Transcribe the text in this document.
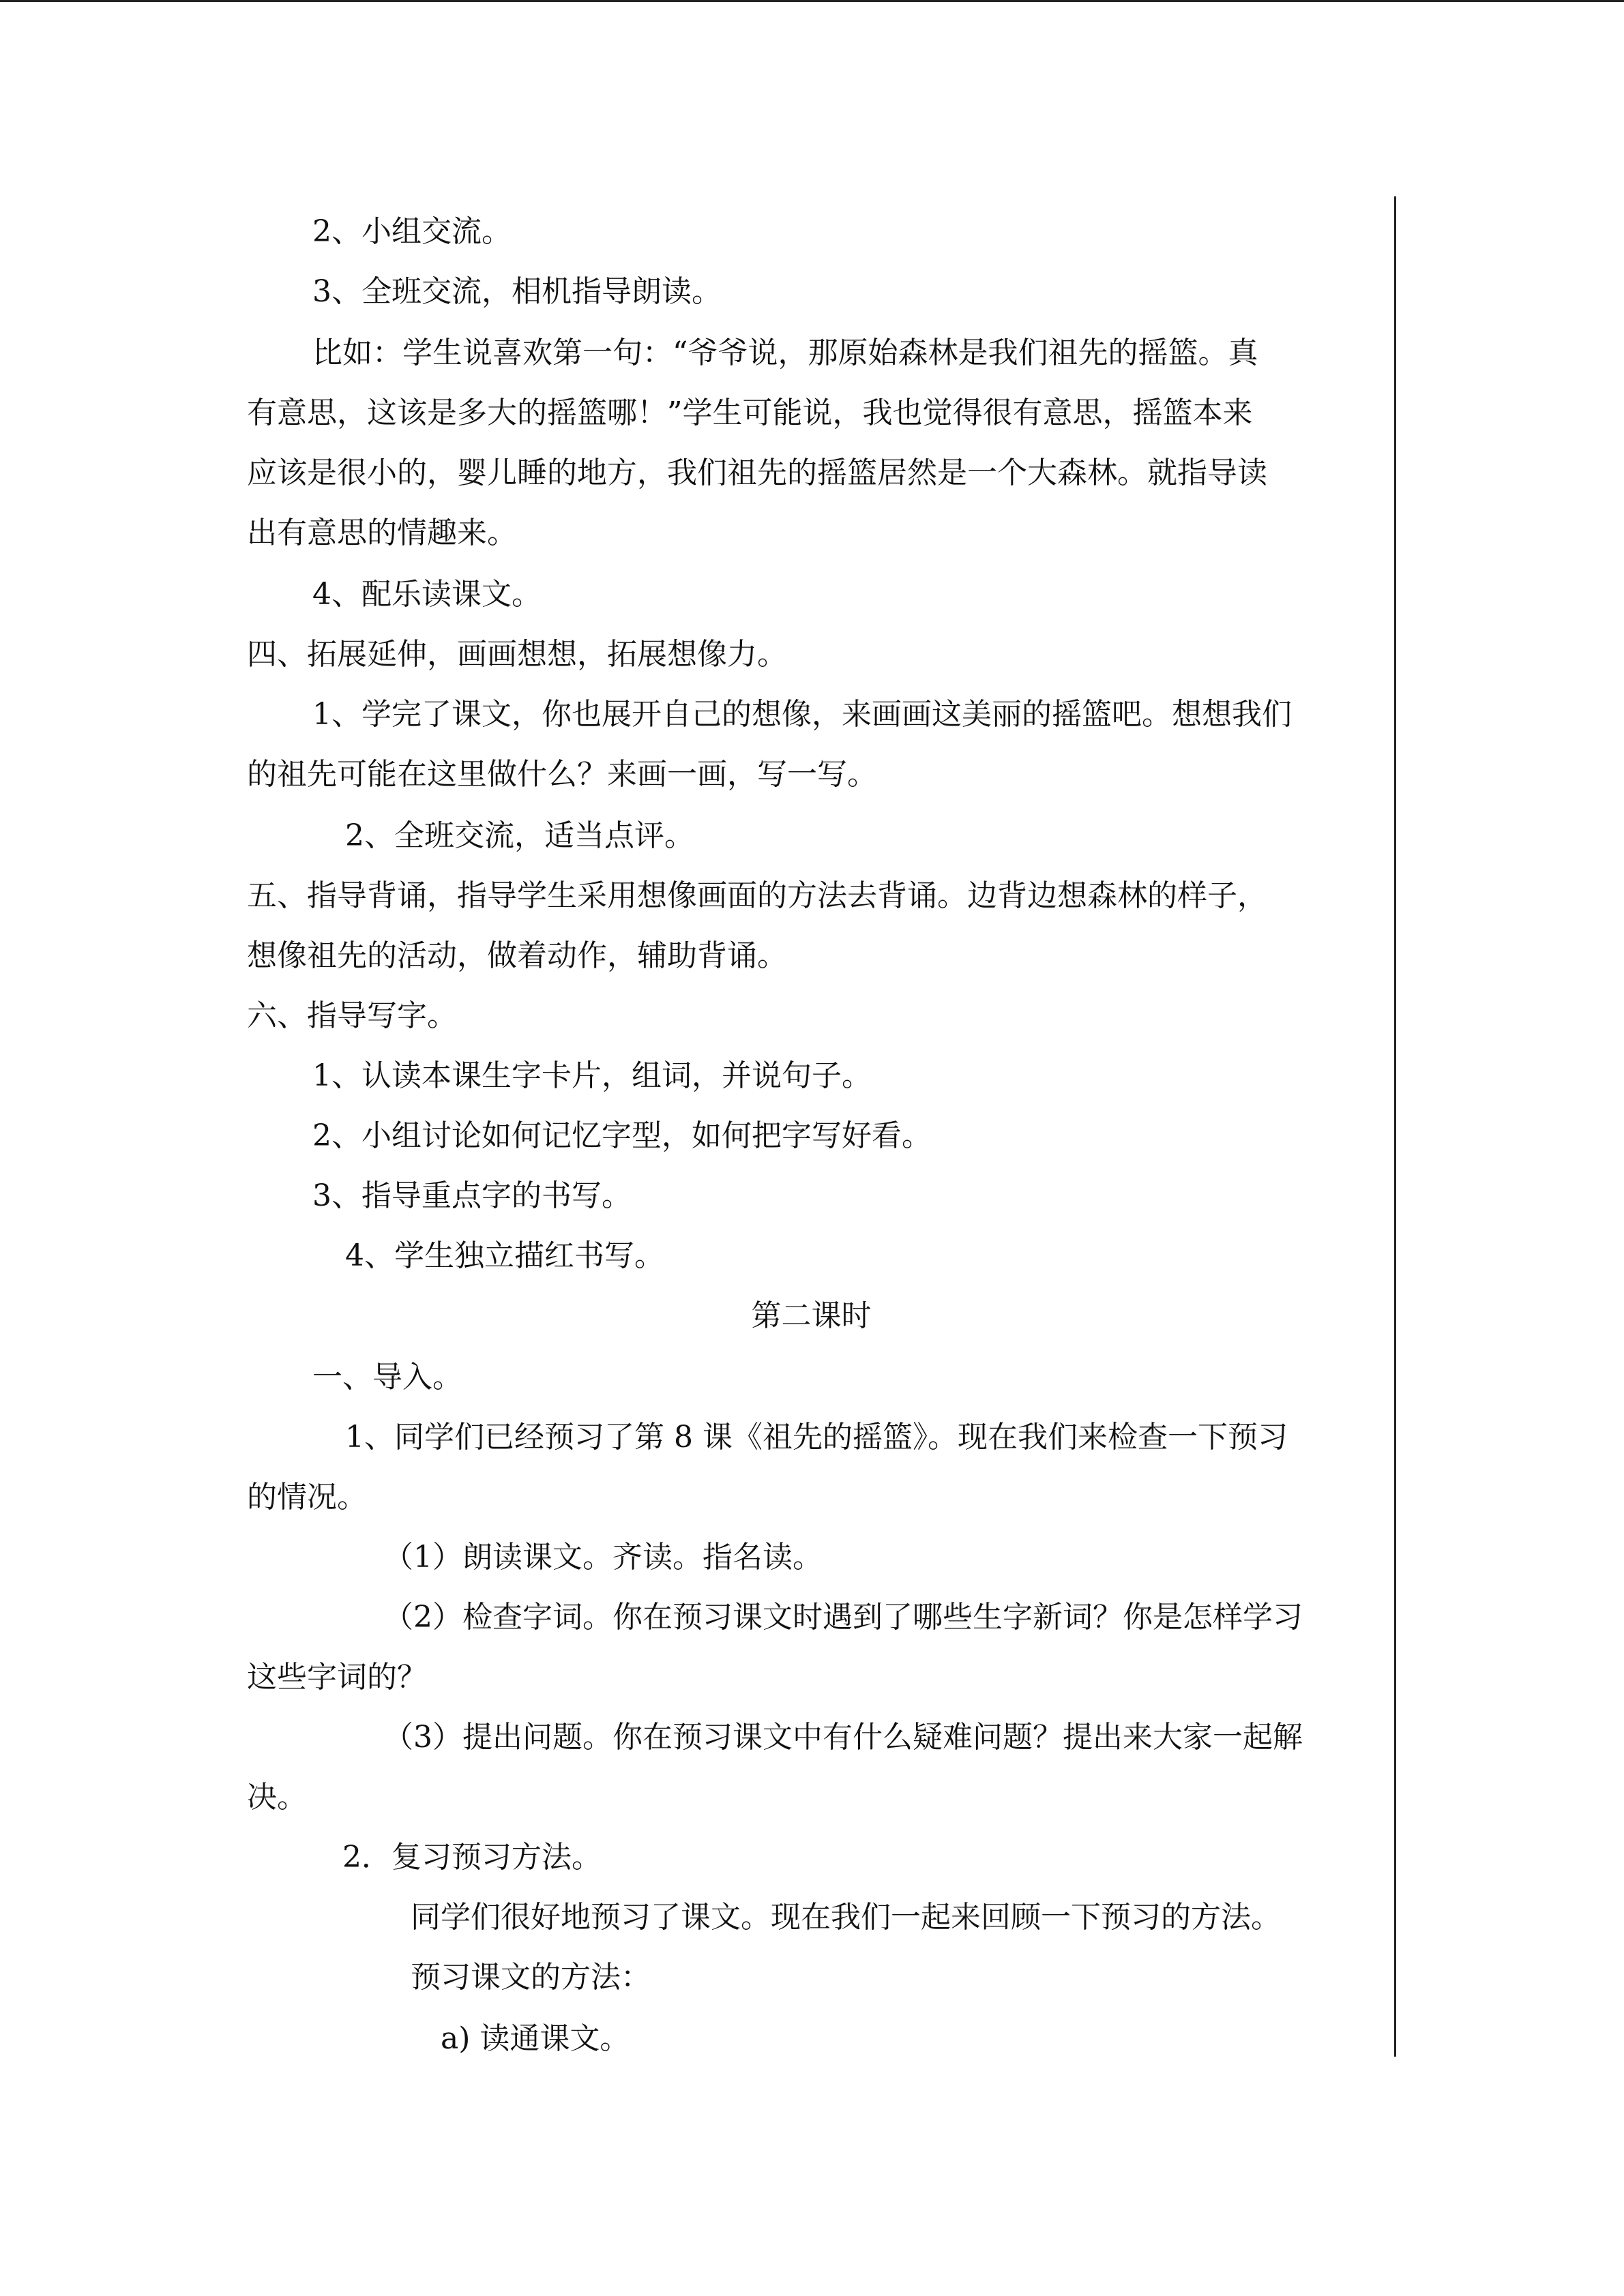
2、小组交流。
3、全班交流，相机指导朗读。
比如：学生说喜欢第一句：“爷爷说，那原始森林是我们祖先的摇篮。真
有意思，这该是多大的摇篮哪！”学生可能说，我也觉得很有意思，摇篮本来
应该是很小的，婴儿睡的地方，我们祖先的摇篮居然是一个大森林。就指导读
出有意思的情趣来。
4、配乐读课文。
四、拓展延伸，画画想想，拓展想像力。
1、学完了课文，你也展开自己的想像，来画画这美丽的摇篮吧。想想我们
的祖先可能在这里做什么？来画一画，写一写。
2、全班交流，适当点评。
五、指导背诵，指导学生采用想像画面的方法去背诵。边背边想森林的样子，
想像祖先的活动，做着动作，辅助背诵。
六、指导写字。
1、认读本课生字卡片，组词，并说句子。
2、小组讨论如何记忆字型，如何把字写好看。
3、指导重点字的书写。
4、学生独立描红书写。
第二课时
一、导入。
1、同学们已经预习了第 8 课《祖先的摇篮》。现在我们来检查一下预习
的情况。
（1）朗读课文。齐读。指名读。
（2）检查字词。你在预习课文时遇到了哪些生字新词？你是怎样学习
这些字词的？
（3）提出问题。你在预习课文中有什么疑难问题？提出来大家一起解
决。
2．复习预习方法。
同学们很好地预习了课文。现在我们一起来回顾一下预习的方法。
预习课文的方法：
a) 读通课文。
